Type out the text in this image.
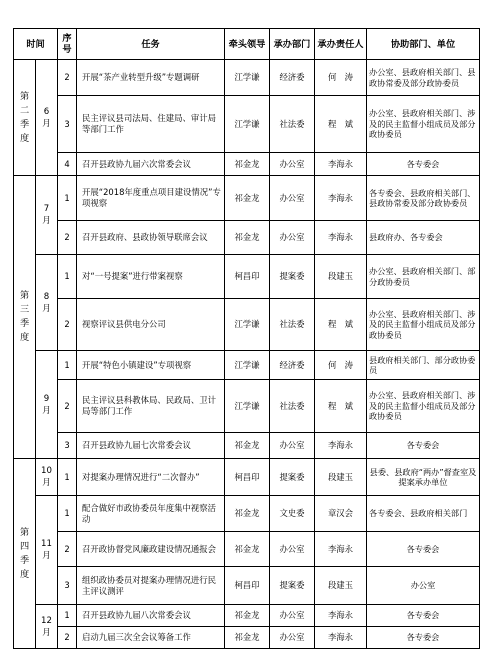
时间		序号	任务	牵头领导	承办部门	承办责任人	协助部门、单位
第二季度	6月	2	开展“茶产业转型升级”专题调研	江学谦	经济委	何　涛	办公室、县政府相关部门、县政协常委及部分政协委员
		3	民主评议县司法局、住建局、审计局等部门工作	江学谦	社法委	程　斌	办公室、县政府相关部门、涉及的民主监督小组成员及部分政协委员
		4	召开县政协九届六次常委会议	祁金龙	办公室	李海永	各专委会
第三季度	7月	1	开展“2018年度重点项目建设情况”专项视察	祁金龙	办公室	李海永	各专委会、县政府相关部门、县政协常委及部分政协委员
		2	召开县政府、县政协领导联席会议	祁金龙	办公室	李海永	县政府办、各专委会
	8月	1	对“一号提案”进行带案视察	柯昌印	提案委	段建玉	办公室、县政府相关部门、部分政协委员
		2	视察评议县供电分公司	江学谦	社法委	程　斌	办公室、县政府相关部门、涉及的民主监督小组成员及部分政协委员
	9月	1	开展“特色小镇建设”专项视察	江学谦	经济委	何　涛	县政府相关部门、部分政协委员
		2	民主评议县科教体局、民政局、卫计局等部门工作	江学谦	社法委	程　斌	办公室、县政府相关部门、涉及的民主监督小组成员及部分政协委员
		3	召开县政协九届七次常委会议	祁金龙	办公室	李海永	各专委会
第四季度	10月	1	对提案办理情况进行“二次督办”	柯昌印	提案委	段建玉	县委、县政府“两办”督查室及提案承办单位
	11月	1	配合做好市政协委员年度集中视察活动	祁金龙	文史委	章汉会	各专委会、县政府相关部门
		2	召开政协督党风廉政建设情况通报会	祁金龙	办公室	李海永	各专委会
		3	组织政协委员对提案办理情况进行民主评议测评	柯昌印	提案委	段建玉	办公室
	12月	1	召开县政协九届八次常委会议	祁金龙	办公室	李海永	各专委会
		2	启动九届三次全会议筹备工作	祁金龙	办公室	李海永	各专委会
